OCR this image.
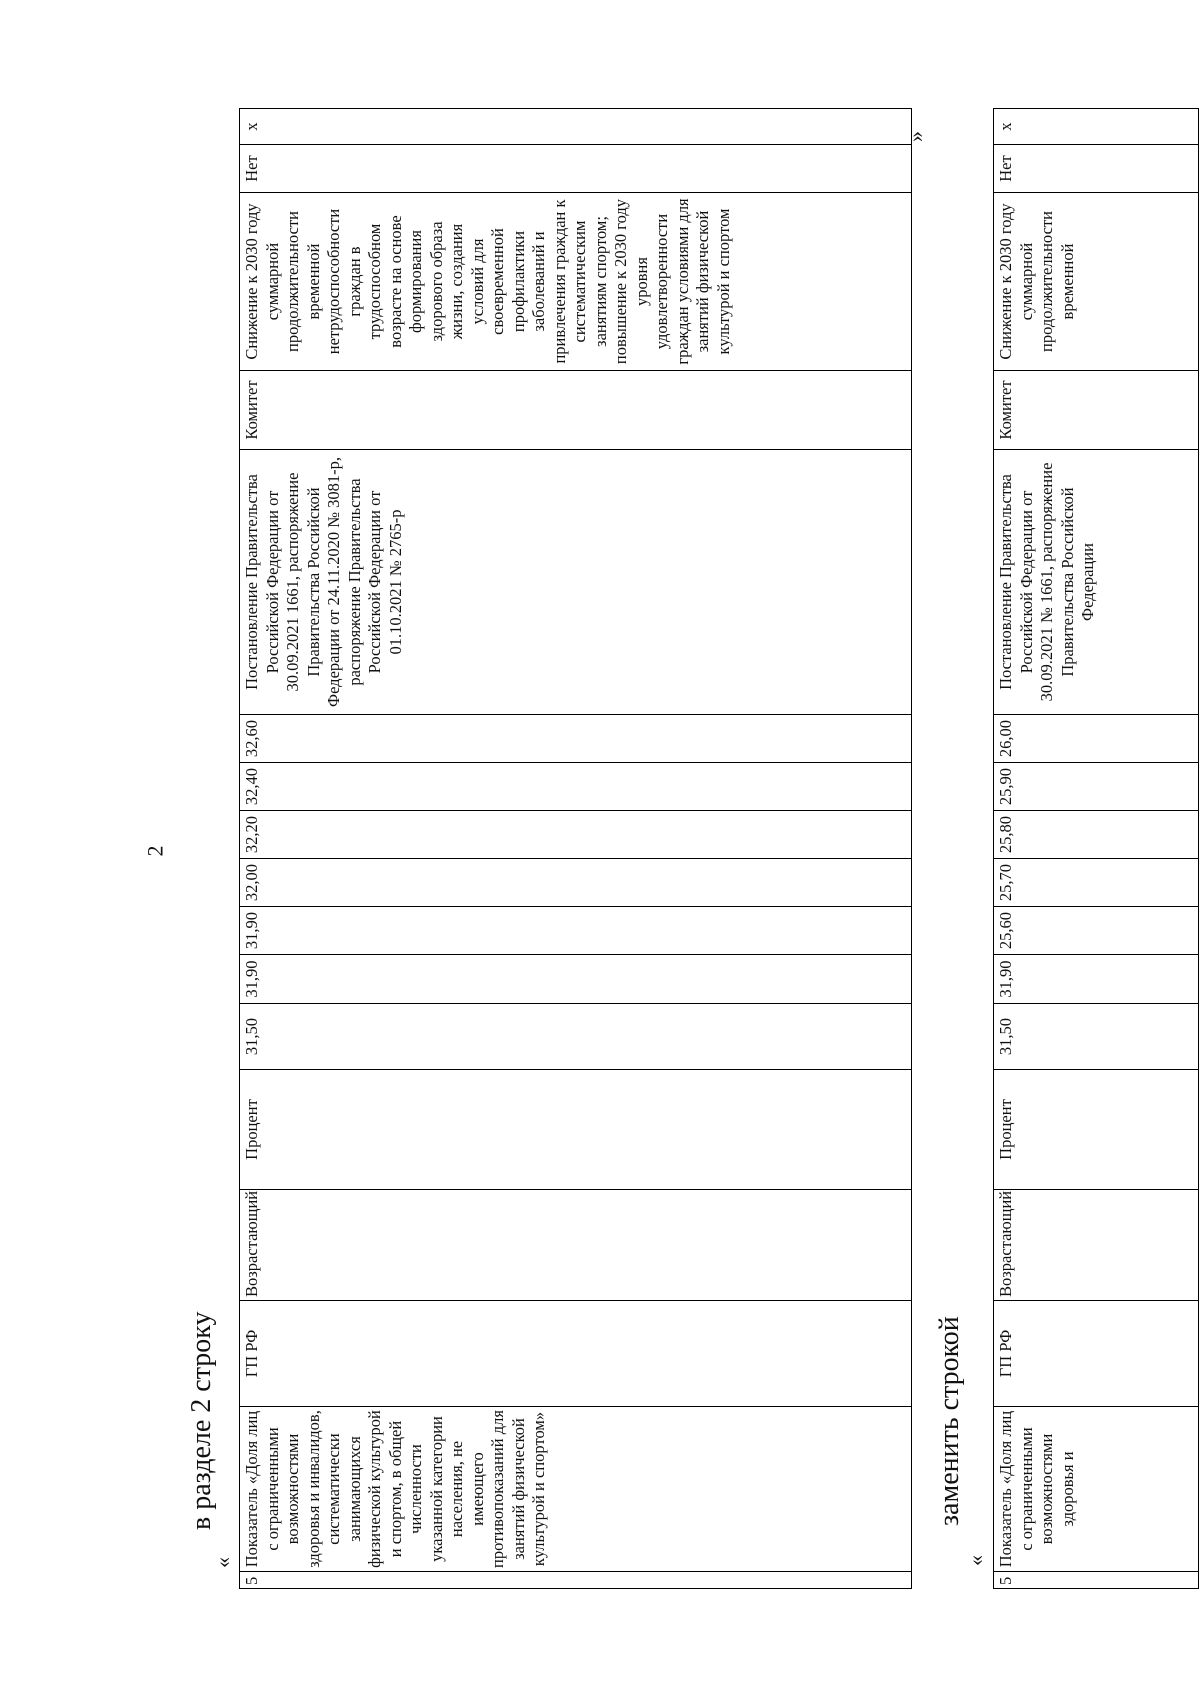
2
в разделе 2 строку
«
5	Показатель «Доля лиц с ограниченными возможностями здоровья и инвалидов, систематически занимающихся физической культурой и спортом, в общей численности указанной категории населения, не имеющего противопоказаний для занятий физической культурой и спортом»	ГП РФ	Возрастающий	Процент	31,50	31,90	31,90	32,00	32,20	32,40	32,60	Постановление Правительства Российской Федерации от 30.09.2021 1661, распоряжение Правительства Российской Федерации от 24.11.2020 № 3081-р, распоряжение Правительства Российской Федерации от 01.10.2021 № 2765-р	Комитет	Снижение к 2030 году суммарной продолжительности временной нетрудоспособности граждан в трудоспособном возрасте на основе формирования здорового образа жизни, создания условий для своевременной профилактики заболеваний и привлечения граждан к систематическим занятиям спортом; повышение к 2030 году уровня удовлетворенности граждан условиями для занятий физической культурой и спортом	Нет	х
»
заменить строкой
«
5	Показатель «Доля лиц с ограниченными возможностями здоровья и	ГП РФ	Возрастающий	Процент	31,50	31,90	25,60	25,70	25,80	25,90	26,00	Постановление Правительства Российской Федерации от 30.09.2021 № 1661, распоряжение Правительства Российской Федерации	Комитет	Снижение к 2030 году суммарной продолжительности временной	Нет	х
